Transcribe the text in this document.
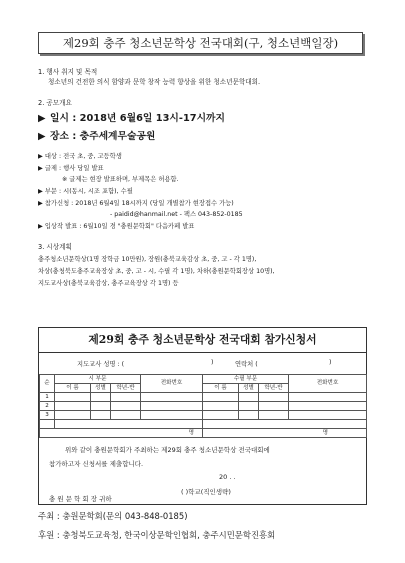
제29회 충주 청소년문학상 전국대회(구, 청소년백일장)
1. 행사 취지 및 목적
청소년의 건전한 의식 함양과 문학 창작 능력 향상을 위한 청소년문학대회.
2. 공모개요
▶ 일시 : 2018년 6월6일 13시-17시까지
▶ 장소 : 충주세계무술공원
▶ 대상 : 전국 초, 중, 고등학생
▶ 글제 : 행사 당일 발표
※ 글제는 현장 발표하며, 부제목은 허용함.
▶ 부문 : 시(동시, 시조 포함), 수필
▶ 참가신청 : 2018년 6월4일 18시까지 (당일 개별참가 현장접수 가능)
- paidid@hanmail.net - 팩스 043-852-0185
▶ 입상작 발표 : 6월10일 경 "충원문학회" 다음카페 발표
3. 시상계획
충주청소년문학상(1명 장학금 10만원), 장원(충북교육감상 초, 중, 고 - 각 1명),
차상(충청북도충주교육장상 초, 중, 고 - 시, 수필 각 1명), 차하(충원문학회장상 10명),
지도교사상(충북교육감상, 충주교육장상 각 1명) 등
제29회 충주 청소년문학상 전국대회 참가신청서
지도교사 성명 : (	)	연락처 (	)
순	시 부문			전화번호	수필 부문			전화번호
	이 름	성별	학년-반		이 름	성별	학년-반	
1								
2								
3								

명					명			
위와 같이 충원문학회가 주최하는 제29회 충주 청소년문학상 전국대회에
참가하고자 신청서를 제출합니다.
20 . .
( )학교(직인생략)
충 원 문 학 회 장 귀하
주최 : 충원문학회(문의 043-848-0185)
후원 : 충청북도교육청, 한국이상문학인협회, 충주시민문학진흥회
